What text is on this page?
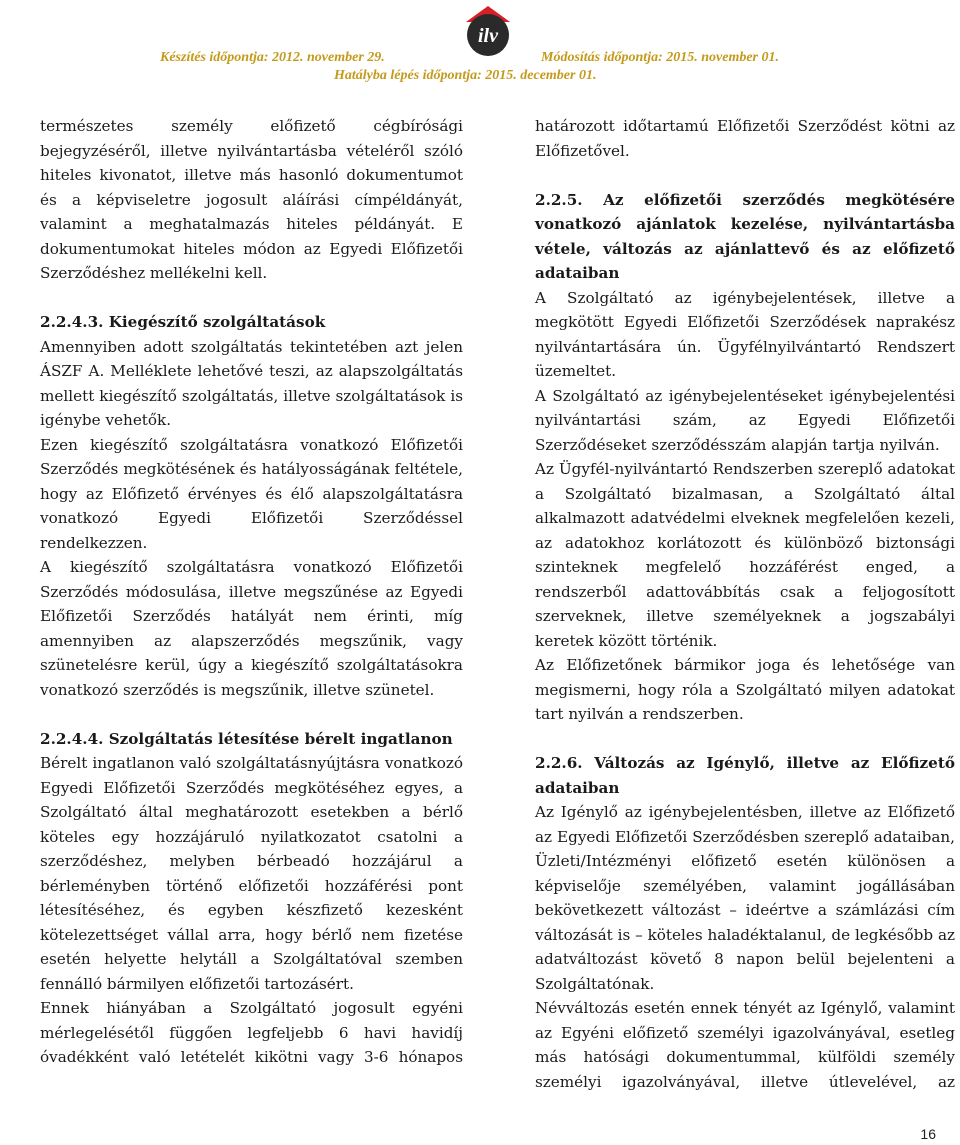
Készítés időpontja: 2012. november 29.	Módosítás időpontja: 2015. november 01.
Hatályba lépés időpontja: 2015. december 01.
ilv

természetes személy előfizető cégbírósági bejegyzéséről, illetve nyilvántartásba vételéről szóló hiteles kivonatot, illetve más hasonló dokumentumot és a képviseletre jogosult aláírási címpéldányát, valamint a meghatalmazás hiteles példányát. E dokumentumokat hiteles módon az Egyedi Előfizetői Szerződéshez mellékelni kell.

2.2.4.3. Kiegészítő szolgáltatások

Amennyiben adott szolgáltatás tekintetében azt jelen ÁSZF A. Melléklete lehetővé teszi, az alapszolgáltatás mellett kiegészítő szolgáltatás, illetve szolgáltatások is igénybe vehetők.

Ezen kiegészítő szolgáltatásra vonatkozó Előfizetői Szerződés megkötésének és hatályosságának feltétele, hogy az Előfizető érvényes és élő alapszolgáltatásra vonatkozó Egyedi Előfizetői Szerződéssel rendelkezzen.

A kiegészítő szolgáltatásra vonatkozó Előfizetői Szerződés módosulása, illetve megszűnése az Egyedi Előfizetői Szerződés hatályát nem érinti, míg amennyiben az alapszerződés megszűnik, vagy szünetelésre kerül, úgy a kiegészítő szolgáltatásokra vonatkozó szerződés is megszűnik, illetve szünetel.

2.2.4.4. Szolgáltatás létesítése bérelt ingatlanon

Bérelt ingatlanon való szolgáltatásnyújtásra vonatkozó Egyedi Előfizetői Szerződés megkötéséhez egyes, a Szolgáltató által meghatározott esetekben a bérlő köteles egy hozzájáruló nyilatkozatot csatolni a szerződéshez, melyben bérbeadó hozzájárul a bérleményben történő előfizetői hozzáférési pont létesítéséhez, és egyben készfizető kezesként kötelezettséget vállal arra, hogy bérlő nem fizetése esetén helyette helytáll a Szolgáltatóval szemben fennálló bármilyen előfizetői tartozásért.

Ennek hiányában a Szolgáltató jogosult egyéni mérlegelésétől függően legfeljebb 6 havi havidíj óvadékként való letételét kikötni vagy 3-6 hónapos

határozott időtartamú Előfizetői Szerződést kötni az Előfizetővel.

2.2.5. Az előfizetői szerződés megkötésére vonatkozó ajánlatok kezelése, nyilvántartásba vétele, változás az ajánlattevő és az előfizető adataiban

A Szolgáltató az igénybejelentések, illetve a megkötött Egyedi Előfizetői Szerződések naprakész nyilvántartására ún. Ügyfélnyilvántartó Rendszert üzemeltet.

A Szolgáltató az igénybejelentéseket igénybejelentési nyilvántartási szám, az Egyedi Előfizetői Szerződéseket szerződésszám alapján tartja nyilván.

Az Ügyfél-nyilvántartó Rendszerben szereplő adatokat a Szolgáltató bizalmasan, a Szolgáltató által alkalmazott adatvédelmi elveknek megfelelően kezeli, az adatokhoz korlátozott és különböző biztonsági szinteknek megfelelő hozzáférést enged, a rendszerből adattovábbítás csak a feljogosított szerveknek, illetve személyeknek a jogszabályi keretek között történik.

Az Előfizetőnek bármikor joga és lehetősége van megismerni, hogy róla a Szolgáltató milyen adatokat tart nyilván a rendszerben.

2.2.6. Változás az Igénylő, illetve az Előfizető adataiban

Az Igénylő az igénybejelentésben, illetve az Előfizető az Egyedi Előfizetői Szerződésben szereplő adataiban, Üzleti/Intézményi előfizető esetén különösen a képviselője személyében, valamint jogállásában bekövetkezett változást – ideértve a számlázási cím változását is – köteles haladéktalanul, de legkésőbb az adatváltozást követő 8 napon belül bejelenteni a Szolgáltatónak.

Névváltozás esetén ennek tényét az Igénylő, valamint az Egyéni előfizető személyi igazolványával, esetleg más hatósági dokumentummal, külföldi személy személyi igazolványával, illetve útlevelével, az

16
